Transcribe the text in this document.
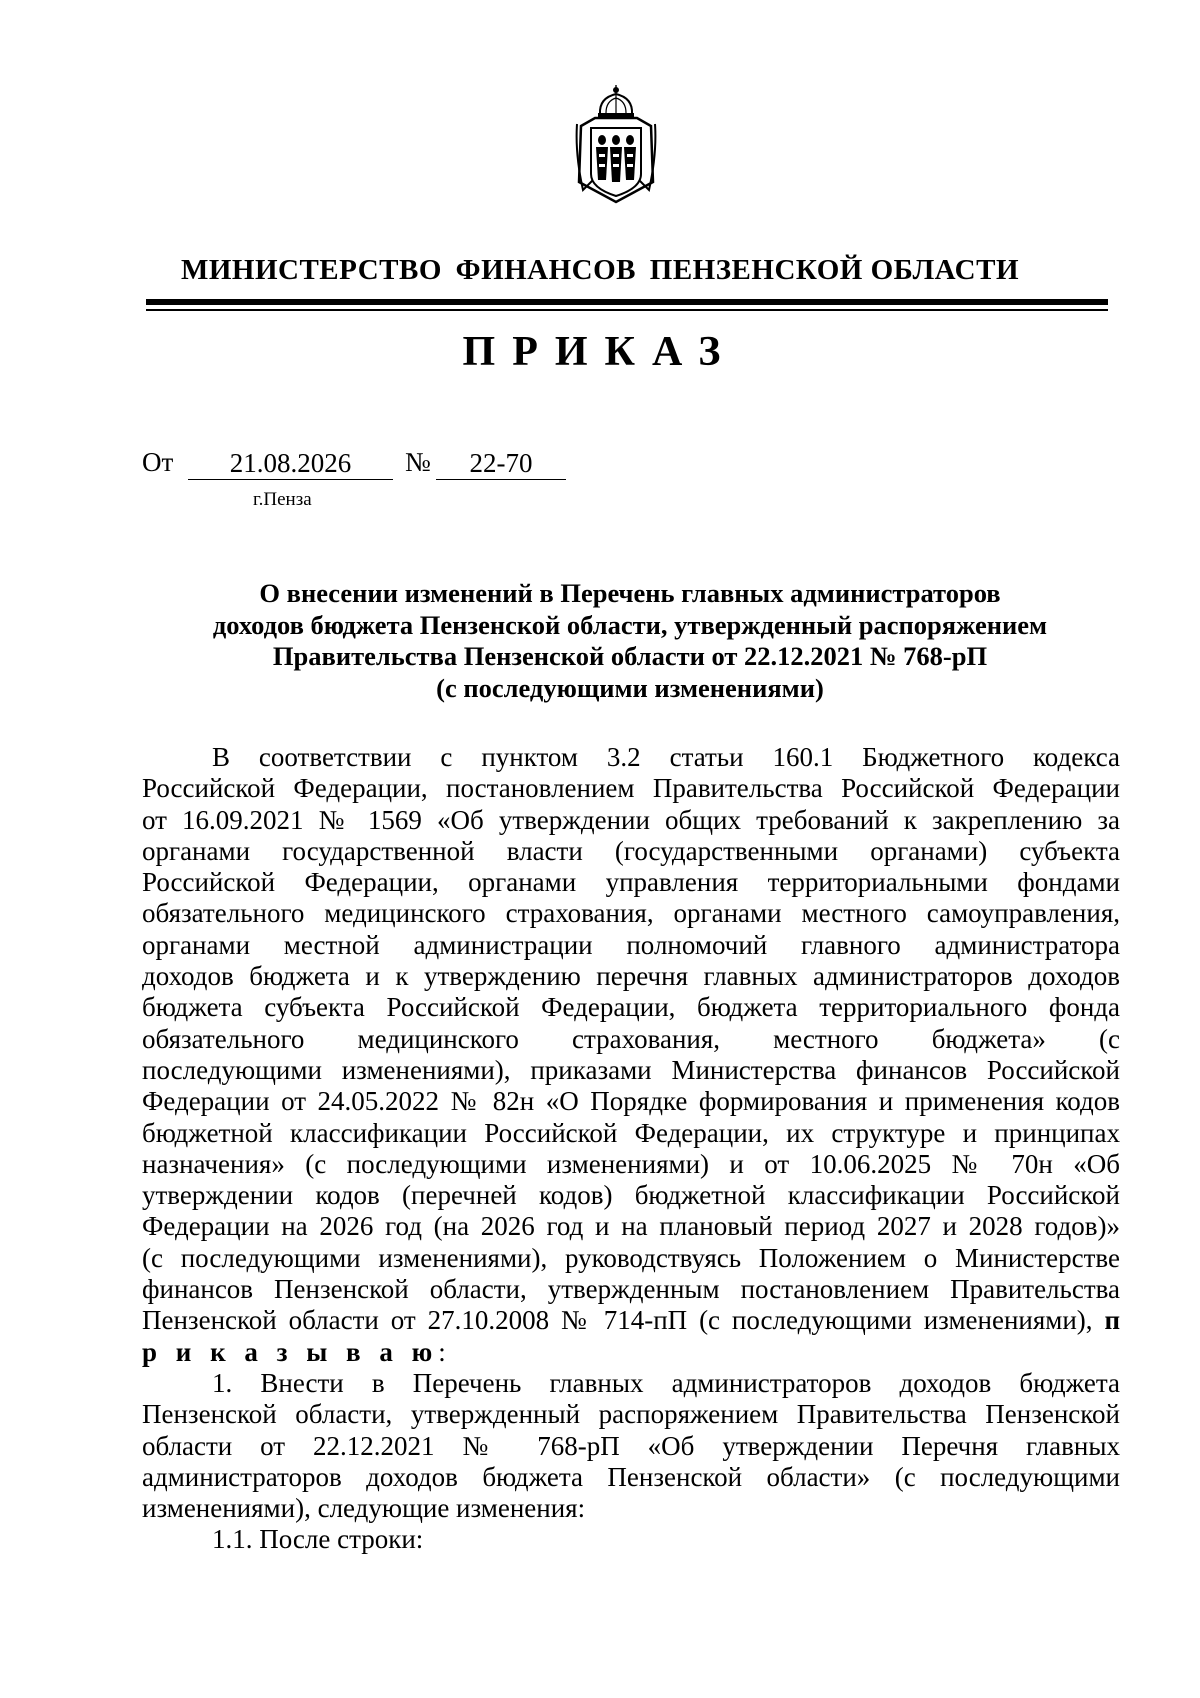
МИНИСТЕРСТВО ФИНАНСОВ ПЕНЗЕНСКОЙ ОБЛАСТИ
ПРИКАЗ
От	21.08.2026	№	22-70
г.Пенза
О внесении изменений в Перечень главных администраторов
доходов бюджета Пензенской области, утвержденный распоряжением
Правительства Пензенской области от 22.12.2021 № 768-рП
(с последующими изменениями)
В соответствии с пунктом 3.2 статьи 160.1 Бюджетного кодекса
Российской Федерации, постановлением Правительства Российской Федерации
от 16.09.2021 № 1569 «Об утверждении общих требований к закреплению за
органами государственной власти (государственными органами) субъекта
Российской Федерации, органами управления территориальными фондами
обязательного медицинского страхования, органами местного самоуправления,
органами местной администрации полномочий главного администратора
доходов бюджета и к утверждению перечня главных администраторов доходов
бюджета субъекта Российской Федерации, бюджета территориального фонда
обязательного медицинского страхования, местного бюджета» (с
последующими изменениями), приказами Министерства финансов Российской
Федерации от 24.05.2022 № 82н «О Порядке формирования и применения кодов
бюджетной классификации Российской Федерации, их структуре и принципах
назначения» (с последующими изменениями) и от 10.06.2025 № 70н «Об
утверждении кодов (перечней кодов) бюджетной классификации Российской
Федерации на 2026 год (на 2026 год и на плановый период 2027 и 2028 годов)»
(с последующими изменениями), руководствуясь Положением о Министерстве
финансов Пензенской области, утвержденным постановлением Правительства
Пензенской области от 27.10.2008 № 714-пП (с последующими изменениями), п
р и к а з ы в а ю:
1. Внести в Перечень главных администраторов доходов бюджета
Пензенской области, утвержденный распоряжением Правительства Пензенской
области от 22.12.2021 № 768-рП «Об утверждении Перечня главных
администраторов доходов бюджета Пензенской области» (с последующими
изменениями), следующие изменения:
1.1. После строки:
